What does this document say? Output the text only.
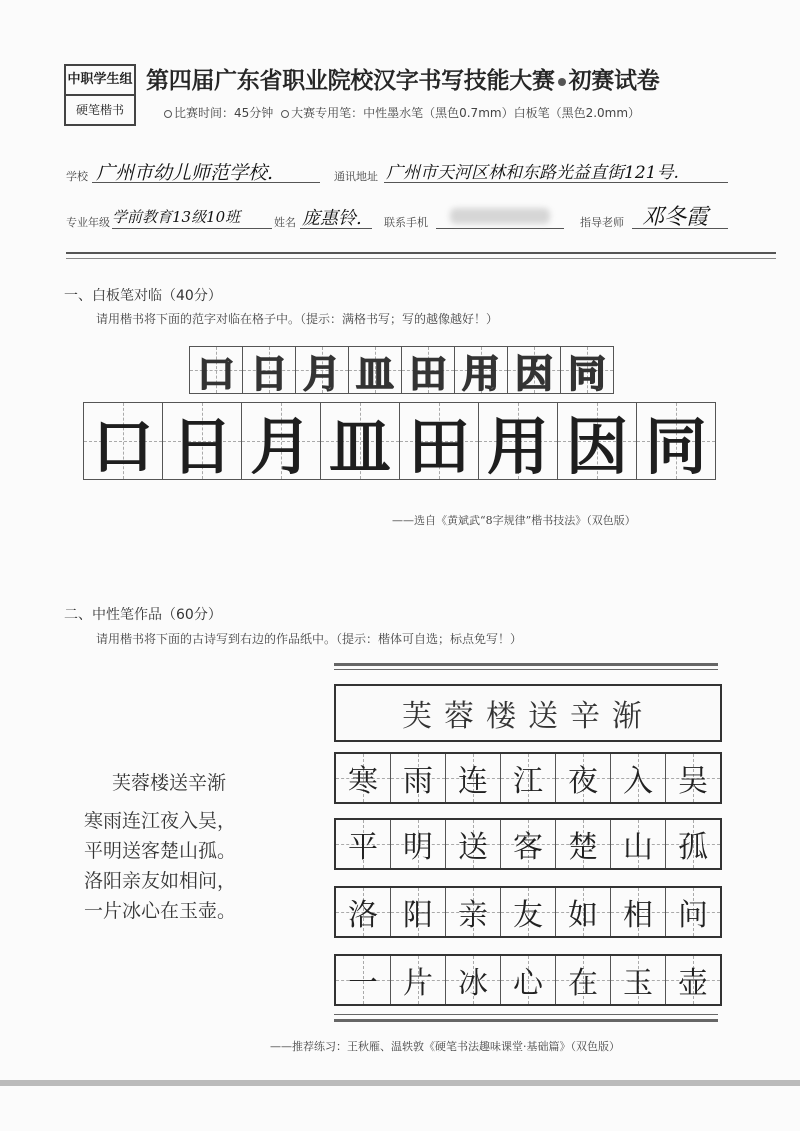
中职学生组
硬笔楷书
第四届广东省职业院校汉字书写技能大赛 初赛试卷
比赛时间：45分钟 大赛专用笔：中性墨水笔（黑色0.7mm）白板笔（黑色2.0mm）
学校 广州市幼儿师范学校.	通讯地址 广州市天河区林和东路光益直街121号.
专业年级 学前教育13级10班	姓名 庞惠铃. 联系手机	指导老师 邓冬霞
一、白板笔对临（40分）
请用楷书将下面的范字对临在格子中。（提示：满格书写；写的越像越好！）
口 日 月 皿 田 用 因 同
口 日 月 皿 田 用 因 同
——选自《黄斌武“8字规律”楷书技法》（双色版）
二、中性笔作品（60分）
请用楷书将下面的古诗写到右边的作品纸中。（提示：楷体可自选；标点免写！）
芙蓉楼送辛渐
寒雨连江夜入吴，
平明送客楚山孤。
洛阳亲友如相问，
一片冰心在玉壶。
芙蓉楼送辛渐
寒 雨 连 江 夜 入 吴
平 明 送 客 楚 山 孤
洛 阳 亲 友 如 相 问
一 片 冰 心 在 玉 壶
——推荐练习：王秋雁、温轶敦《硬笔书法趣味课堂·基础篇》（双色版）
